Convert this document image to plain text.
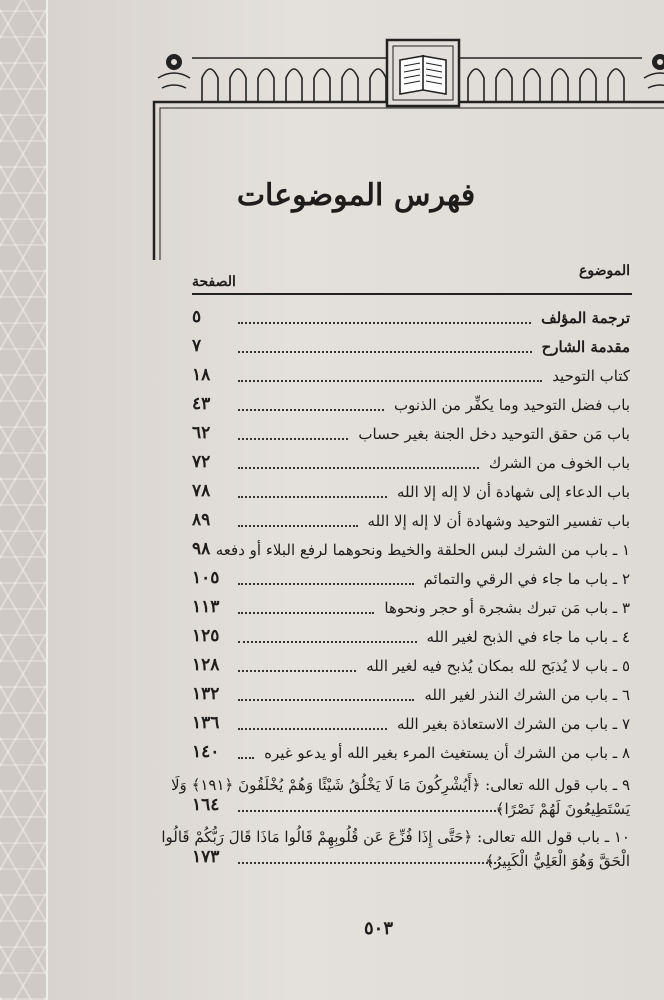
فهرس الموضوعات
الموضوع
الصفحة
ترجمة المؤلف
٥
مقدمة الشارح
٧
كتاب التوحيد
١٨
باب فضل التوحيد وما يكفِّر من الذنوب
٤٣
باب مَن حقق التوحيد دخل الجنة بغير حساب
٦٢
باب الخوف من الشرك
٧٢
باب الدعاء إلى شهادة أن لا إله إلا الله
٧٨
باب تفسير التوحيد وشهادة أن لا إله إلا الله
٨٩
١ ـ باب من الشرك لبس الحلقة والخيط ونحوهما لرفع البلاء أو دفعه
٩٨
٢ ـ باب ما جاء في الرقي والتمائم
١٠٥
٣ ـ باب مَن تبرك بشجرة أو حجر ونحوها
١١٣
٤ ـ باب ما جاء في الذبح لغير الله
١٢٥
٥ ـ باب لا يُذبَح لله بمكان يُذبح فيه لغير الله
١٢٨
٦ ـ باب من الشرك النذر لغير الله
١٣٢
٧ ـ باب من الشرك الاستعاذة بغير الله
١٣٦
٨ ـ باب من الشرك أن يستغيث المرء بغير الله أو يدعو غيره
١٤٠
٩ ـ باب قول الله تعالى: ﴿أَيُشْرِكُونَ مَا لَا يَخْلُقُ شَيْئًا وَهُمْ يُخْلَقُونَ ﴿١٩١﴾ وَلَا يَسْتَطِيعُونَ لَهُمْ نَصْرًا﴾
١٦٤
١٠ ـ باب قول الله تعالى: ﴿حَتَّى إِذَا فُزِّعَ عَن قُلُوبِهِمْ قَالُوا مَاذَا قَالَ رَبُّكُمْ قَالُوا الْحَقَّ وَهُوَ الْعَلِيُّ الْكَبِيرُ﴾
١٧٣
٥٠٣
